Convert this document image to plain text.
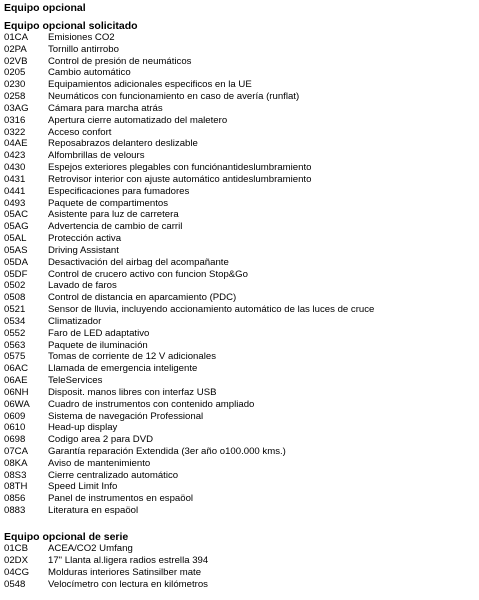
Equipo opcional
Equipo opcional solicitado
01CA	Emisiones CO2
02PA	Tornillo antirrobo
02VB	Control de presión de neumáticos
0205	Cambio automático
0230	Equipamientos adicionales especificos en la UE
0258	Neumáticos con funcionamiento en caso de avería (runflat)
03AG	Cámara para marcha atrás
0316	Apertura cierre automatizado del maletero
0322	Acceso confort
04AE	Reposabrazos delantero deslizable
0423	Alfombrillas de velours
0430	Espejos exteriores plegables con funciónantideslumbramiento
0431	Retrovisor interior con ajuste automático antideslumbramiento
0441	Especificaciones para fumadores
0493	Paquete de compartimentos
05AC	Asistente para luz de carretera
05AG	Advertencia de cambio de carril
05AL	Protección activa
05AS	Driving Assistant
05DA	Desactivación del airbag del acompañante
05DF	Control de crucero activo con funcion Stop&Go
0502	Lavado de faros
0508	Control de distancia en aparcamiento (PDC)
0521	Sensor de lluvia, incluyendo accionamiento automático de las luces de cruce
0534	Climatizador
0552	Faro de LED adaptativo
0563	Paquete de iluminación
0575	Tomas de corriente de 12 V adicionales
06AC	Llamada de emergencia inteligente
06AE	TeleServices
06NH	Disposit. manos libres con interfaz USB
06WA	Cuadro de instrumentos con contenido ampliado
0609	Sistema de navegación Professional
0610	Head-up display
0698	Codigo area 2 para DVD
07CA	Garantía reparación Extendida (3er año o100.000 kms.)
08KA	Aviso de mantenimiento
08S3	Cierre centralizado automático
08TH	Speed Limit Info
0856	Panel de instrumentos en espaöol
0883	Literatura en espaöol
Equipo opcional de serie
01CB	ACEA/CO2 Umfang
02DX	17" Llanta al.ligera radios estrella 394
04CG	Molduras interiores Satinsilber mate
0548	Velocímetro con lectura en kilómetros
